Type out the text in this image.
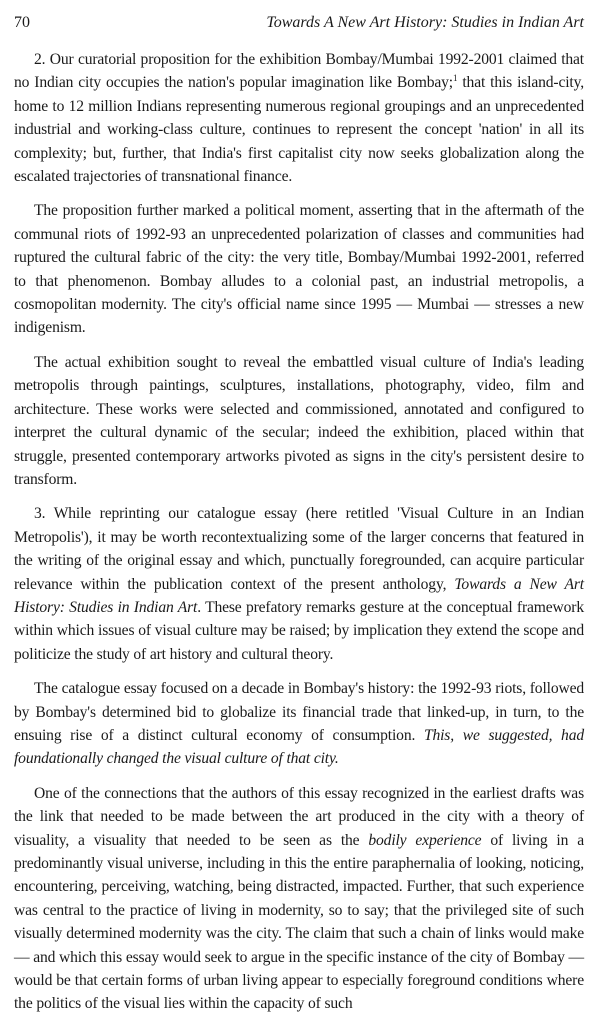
70	Towards A New Art History: Studies in Indian Art

2. Our curatorial proposition for the exhibition Bombay/Mumbai 1992-2001 claimed that no Indian city occupies the nation's popular imagination like Bombay;$^1$ that this island-city, home to 12 million Indians representing numerous regional groupings and an unprecedented industrial and working-class culture, continues to represent the concept 'nation' in all its complexity; but, further, that India's first capitalist city now seeks globalization along the escalated trajectories of transnational finance.

The proposition further marked a political moment, asserting that in the aftermath of the communal riots of 1992-93 an unprecedented polarization of classes and communities had ruptured the cultural fabric of the city: the very title, Bombay/Mumbai 1992-2001, referred to that phenomenon. Bombay alludes to a colonial past, an industrial metropolis, a cosmopolitan modernity. The city's official name since 1995 — Mumbai — stresses a new indigenism.

The actual exhibition sought to reveal the embattled visual culture of India's leading metropolis through paintings, sculptures, installations, photography, video, film and architecture. These works were selected and commissioned, annotated and configured to interpret the cultural dynamic of the secular; indeed the exhibition, placed within that struggle, presented contemporary artworks pivoted as signs in the city's persistent desire to transform.

3. While reprinting our catalogue essay (here retitled 'Visual Culture in an Indian Metropolis'), it may be worth recontextualizing some of the larger concerns that featured in the writing of the original essay and which, punctually foregrounded, can acquire particular relevance within the publication context of the present anthology, Towards a New Art History: Studies in Indian Art. These prefatory remarks gesture at the conceptual framework within which issues of visual culture may be raised; by implication they extend the scope and politicize the study of art history and cultural theory.

The catalogue essay focused on a decade in Bombay's history: the 1992-93 riots, followed by Bombay's determined bid to globalize its financial trade that linked-up, in turn, to the ensuing rise of a distinct cultural economy of consumption. This, we suggested, had foundationally changed the visual culture of that city.

One of the connections that the authors of this essay recognized in the earliest drafts was the link that needed to be made between the art produced in the city with a theory of visuality, a visuality that needed to be seen as the bodily experience of living in a predominantly visual universe, including in this the entire paraphernalia of looking, noticing, encountering, perceiving, watching, being distracted, impacted. Further, that such experience was central to the practice of living in modernity, so to say; that the privileged site of such visually determined modernity was the city. The claim that such a chain of links would make — and which this essay would seek to argue in the specific instance of the city of Bombay — would be that certain forms of urban living appear to especially foreground conditions where the politics of the visual lies within the capacity of such
